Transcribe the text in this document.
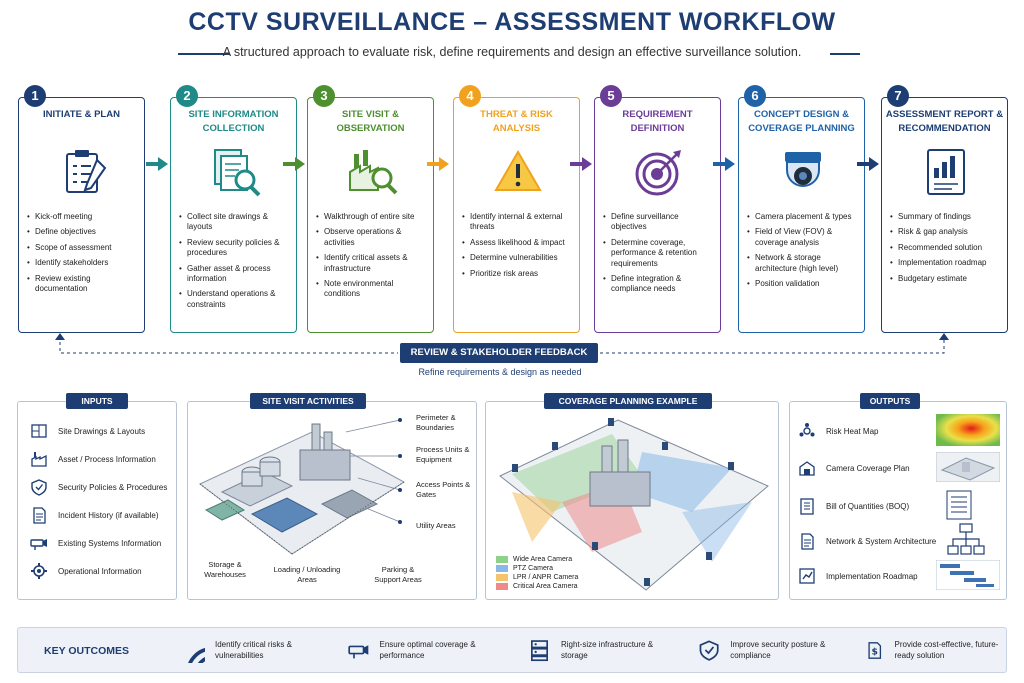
CCTV SURVEILLANCE – ASSESSMENT WORKFLOW
A structured approach to evaluate risk, define requirements and design an effective surveillance solution.
INITIATE & PLAN
• Kick-off meeting
• Define objectives
• Scope of assessment
• Identify stakeholders
• Review existing documentation
1
SITE INFORMATION COLLECTION
• Collect site drawings & layouts
• Review security policies & procedures
• Gather asset & process information
• Understand operations & constraints
2
SITE VISIT & OBSERVATION
• Walkthrough of entire site
• Observe operations & activities
• Identify critical assets & infrastructure
• Note environmental conditions
3
THREAT & RISK ANALYSIS
• Identify internal & external threats
• Assess likelihood & impact
• Determine vulnerabilities
• Prioritize risk areas
4
REQUIREMENT DEFINITION
• Define surveillance objectives
• Determine coverage, performance & retention requirements
• Define integration & compliance needs
5
CONCEPT DESIGN & COVERAGE PLANNING
• Camera placement & types
• Field of View (FOV) & coverage analysis
• Network & storage architecture (high level)
• Position validation
6
ASSESSMENT REPORT & RECOMMENDATION
• Summary of findings
• Risk & gap analysis
• Recommended solution
• Implementation roadmap
• Budgetary estimate
7
REVIEW & STAKEHOLDER FEEDBACK
Refine requirements & design as needed
INPUTS
Site Drawings & Layouts
Asset / Process Information
Security Policies & Procedures
Incident History (if available)
Existing Systems Information
Operational Information
SITE VISIT ACTIVITIES
Perimeter & Boundaries
Process Units & Equipment
Access Points & Gates
Utility Areas
Storage & Warehouses	Loading / Unloading Areas
Parking & Support Areas
COVERAGE PLANNING EXAMPLE
Wide Area Camera
PTZ Camera
LPR / ANPR Camera
Critical Area Camera
OUTPUTS
Risk Heat Map
Camera Coverage Plan
Bill of Quantities (BOQ)
Network & System Architecture
Implementation Roadmap
KEY OUTCOMES
Identify critical risks & vulnerabilities
Ensure optimal coverage & performance
Right-size infrastructure & storage
Improve security posture & compliance	$
Provide cost-effective, future-ready solution
